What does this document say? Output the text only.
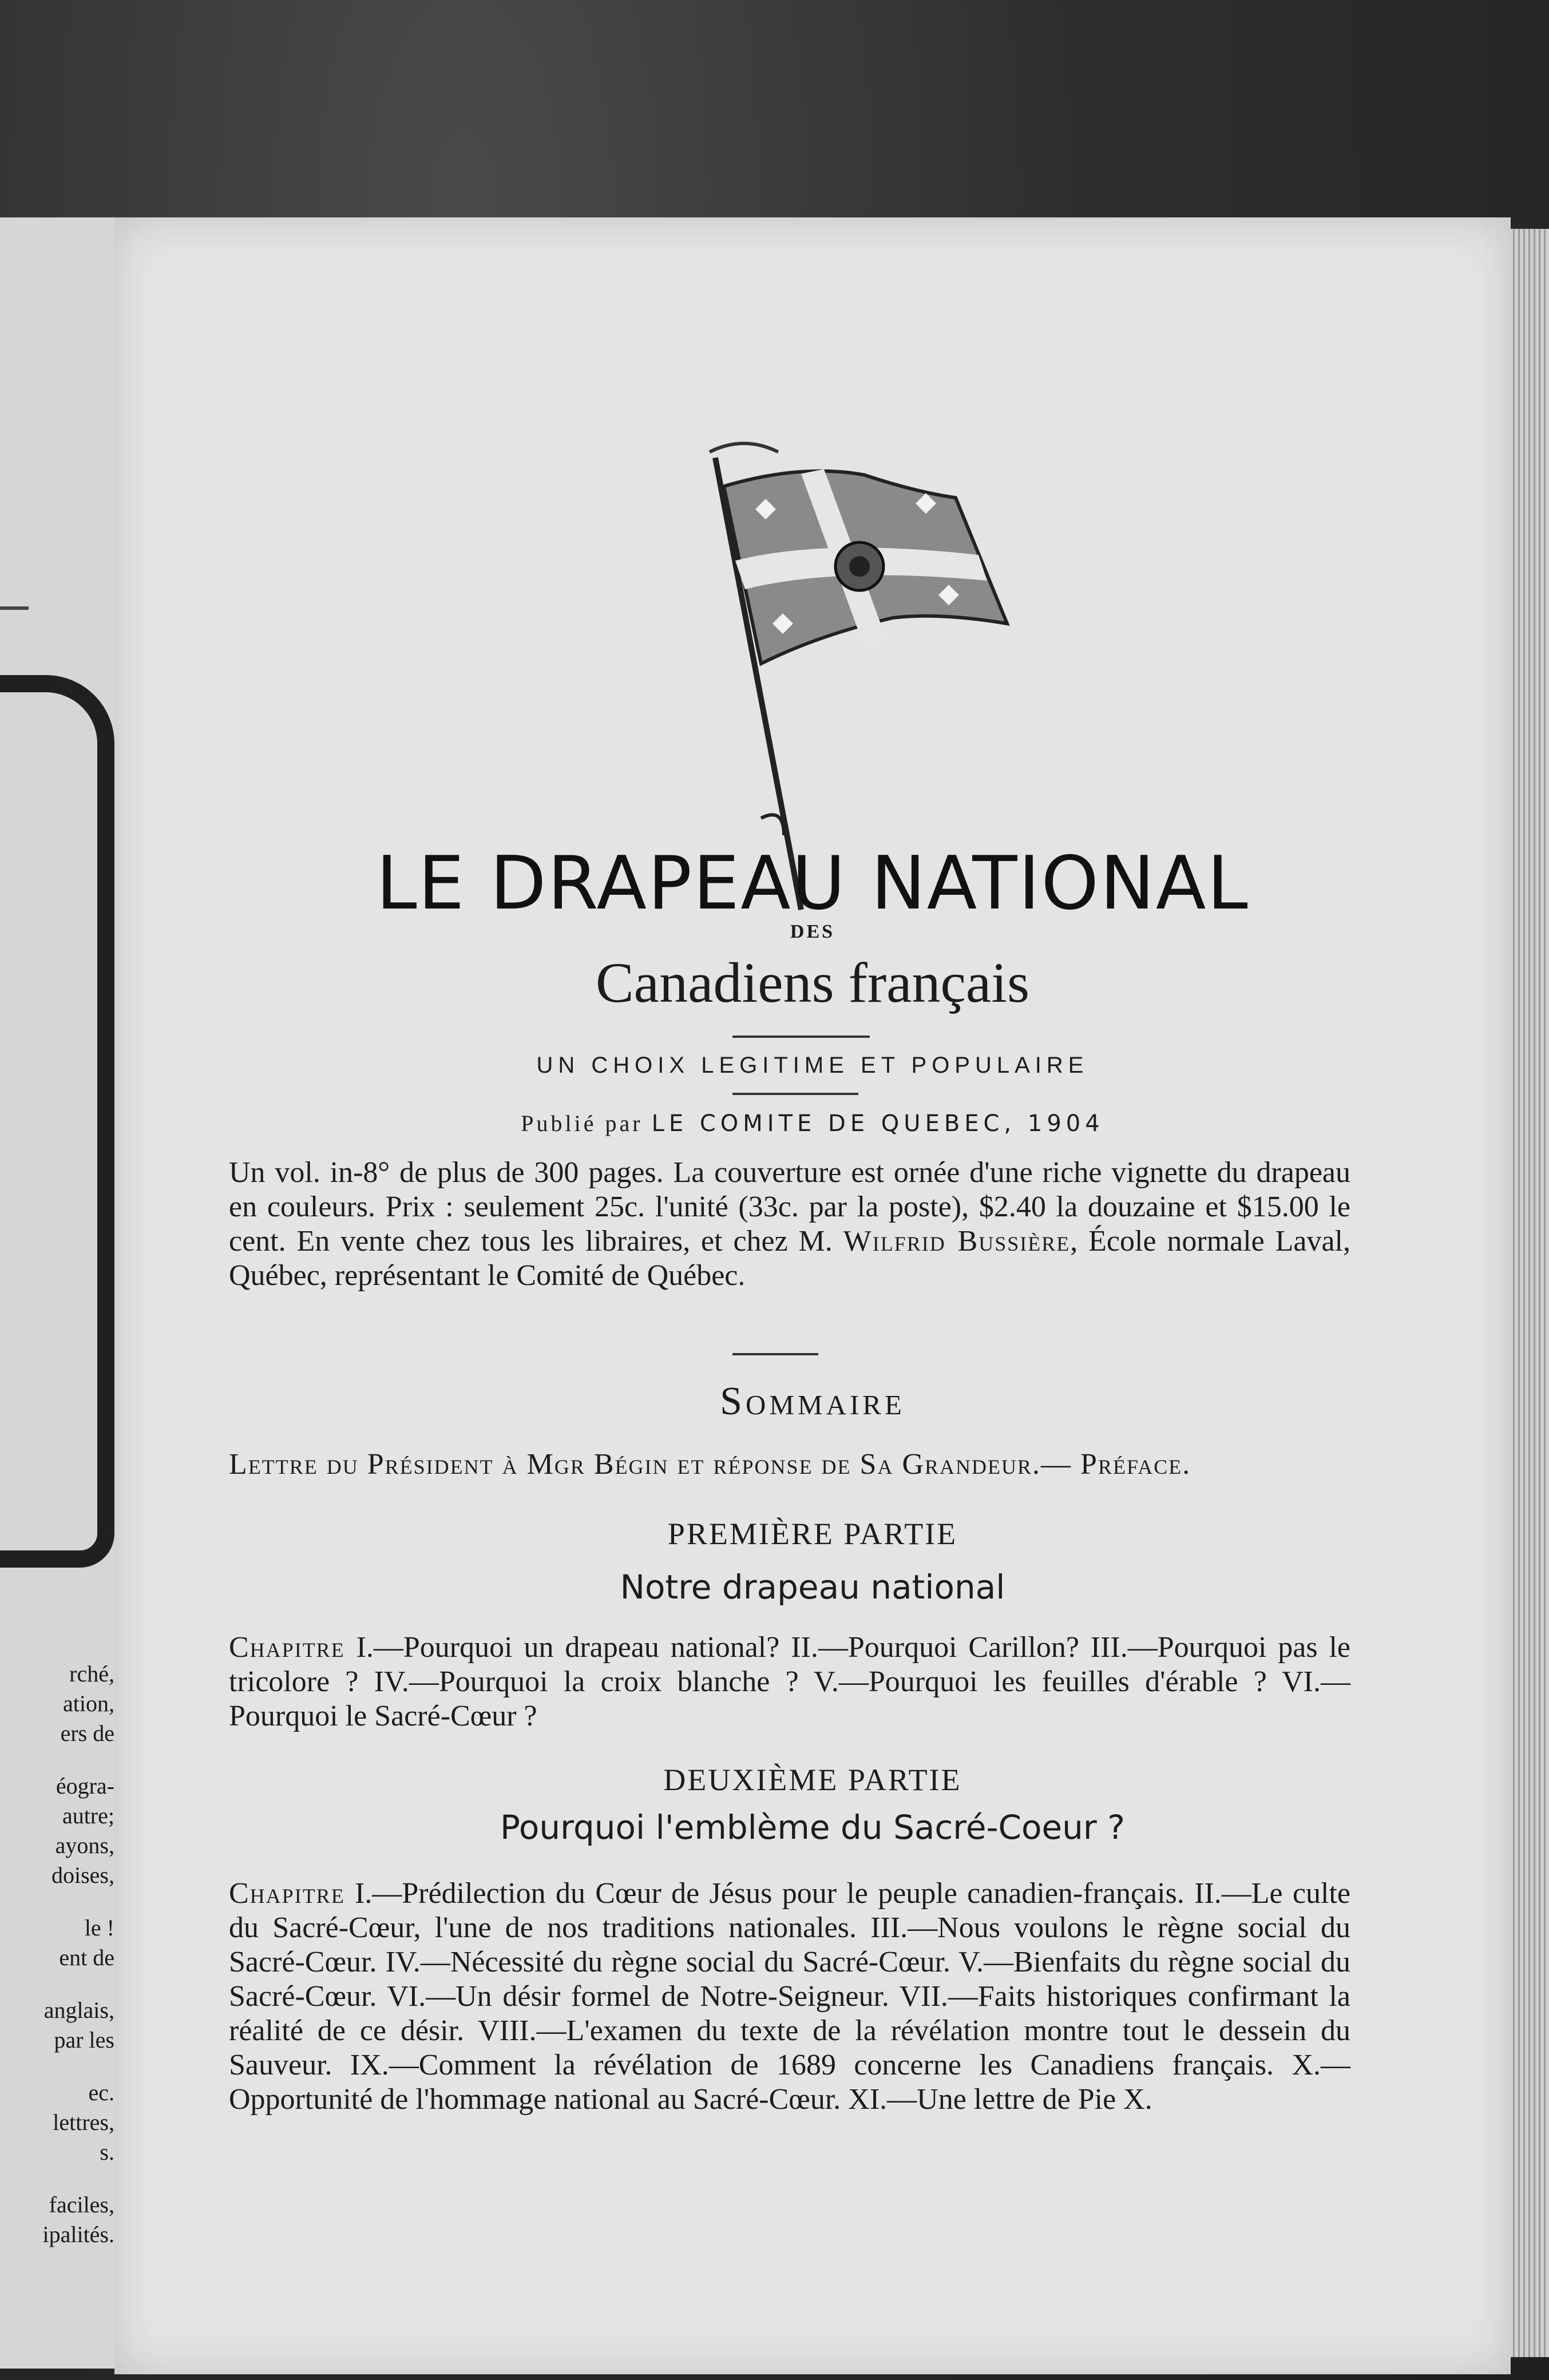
rché,
ation,
ers de
éogra-
autre;
ayons,
doises,
le !
ent de
anglais,
par les
ec.
lettres,
s.
faciles,
ipalités.
LE DRAPEAU NATIONAL
DES
Canadiens français
UN CHOIX LEGITIME ET POPULAIRE
Publié par LE COMITE DE QUEBEC, 1904
Un vol. in-8° de plus de 300 pages. La couverture est ornée d'une riche vignette du drapeau en couleurs. Prix : seulement 25c. l'unité (33c. par la poste), $2.40 la douzaine et $15.00 le cent. En vente chez tous les libraires, et chez M. Wilfrid Bussière, École normale Laval, Québec, représentant le Comité de Québec.
Sommaire
Lettre du Président à Mgr Bégin et réponse de Sa Grandeur.— Préface.
PREMIÈRE PARTIE
Notre drapeau national
Chapitre I.—Pourquoi un drapeau national? II.—Pourquoi Carillon? III.—Pourquoi pas le tricolore ? IV.—Pourquoi la croix blanche ? V.—Pourquoi les feuilles d'érable ? VI.—Pourquoi le Sacré-Cœur ?
DEUXIÈME PARTIE
Pourquoi l'emblème du Sacré-Coeur ?
Chapitre I.—Prédilection du Cœur de Jésus pour le peuple canadien-français. II.—Le culte du Sacré-Cœur, l'une de nos traditions nationales. III.—Nous voulons le règne social du Sacré-Cœur. IV.—Nécessité du règne social du Sacré-Cœur. V.—Bienfaits du règne social du Sacré-Cœur. VI.—Un désir formel de Notre-Seigneur. VII.—Faits historiques confirmant la réalité de ce désir. VIII.—L'examen du texte de la révélation montre tout le dessein du Sauveur. IX.—Comment la révélation de 1689 concerne les Canadiens français. X.—Opportunité de l'hommage national au Sacré-Cœur. XI.—Une lettre de Pie X.
